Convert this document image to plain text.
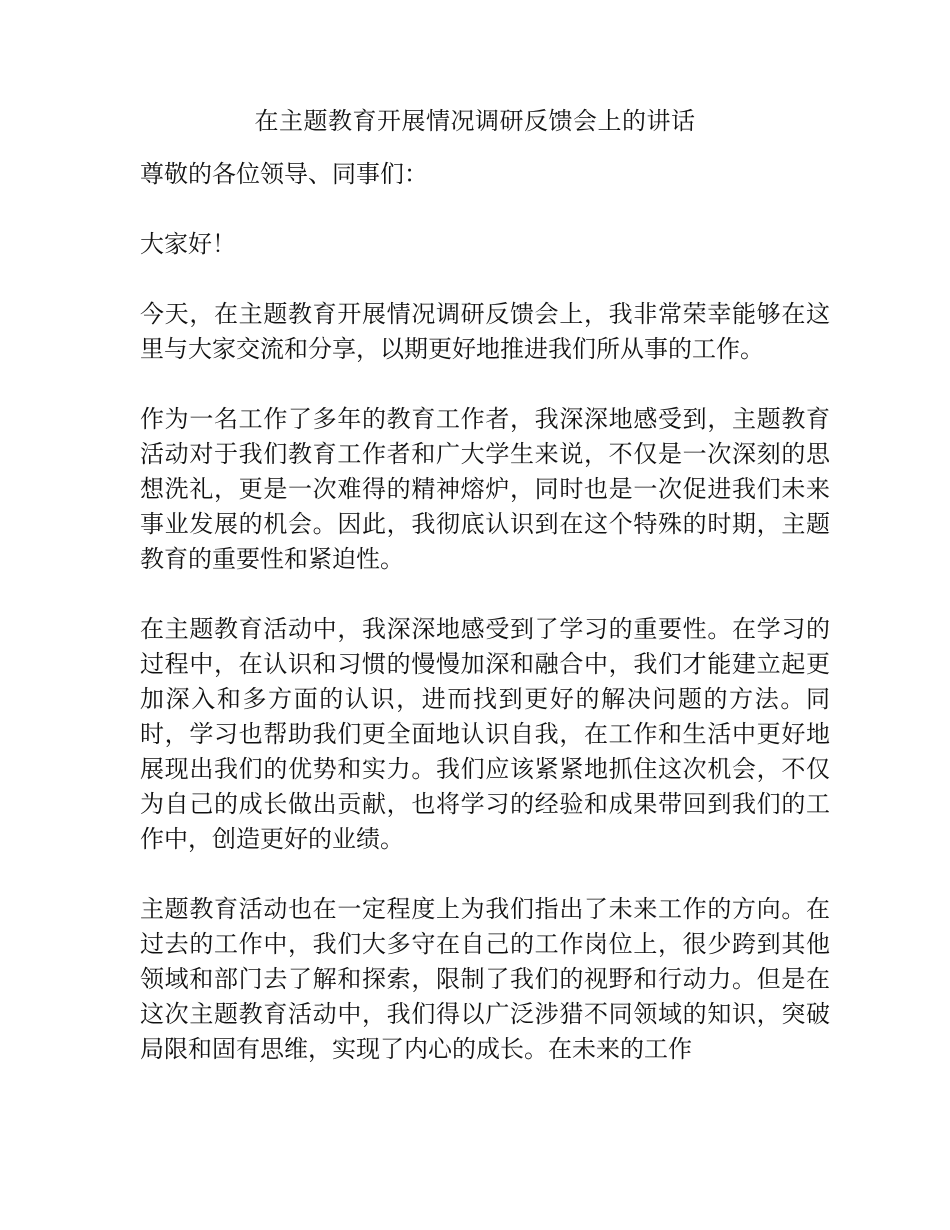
在主题教育开展情况调研反馈会上的讲话

尊敬的各位领导、同事们：

大家好！

今天，在主题教育开展情况调研反馈会上，我非常荣幸能够在这里与大家交流和分享，以期更好地推进我们所从事的工作。

作为一名工作了多年的教育工作者，我深深地感受到，主题教育活动对于我们教育工作者和广大学生来说，不仅是一次深刻的思想洗礼，更是一次难得的精神熔炉，同时也是一次促进我们未来事业发展的机会。因此，我彻底认识到在这个特殊的时期，主题教育的重要性和紧迫性。

在主题教育活动中，我深深地感受到了学习的重要性。在学习的过程中，在认识和习惯的慢慢加深和融合中，我们才能建立起更加深入和多方面的认识，进而找到更好的解决问题的方法。同时，学习也帮助我们更全面地认识自我，在工作和生活中更好地展现出我们的优势和实力。我们应该紧紧地抓住这次机会，不仅为自己的成长做出贡献，也将学习的经验和成果带回到我们的工作中，创造更好的业绩。

主题教育活动也在一定程度上为我们指出了未来工作的方向。在过去的工作中，我们大多守在自己的工作岗位上，很少跨到其他领域和部门去了解和探索，限制了我们的视野和行动力。但是在这次主题教育活动中，我们得以广泛涉猎不同领域的知识，突破局限和固有思维，实现了内心的成长。在未来的工作
